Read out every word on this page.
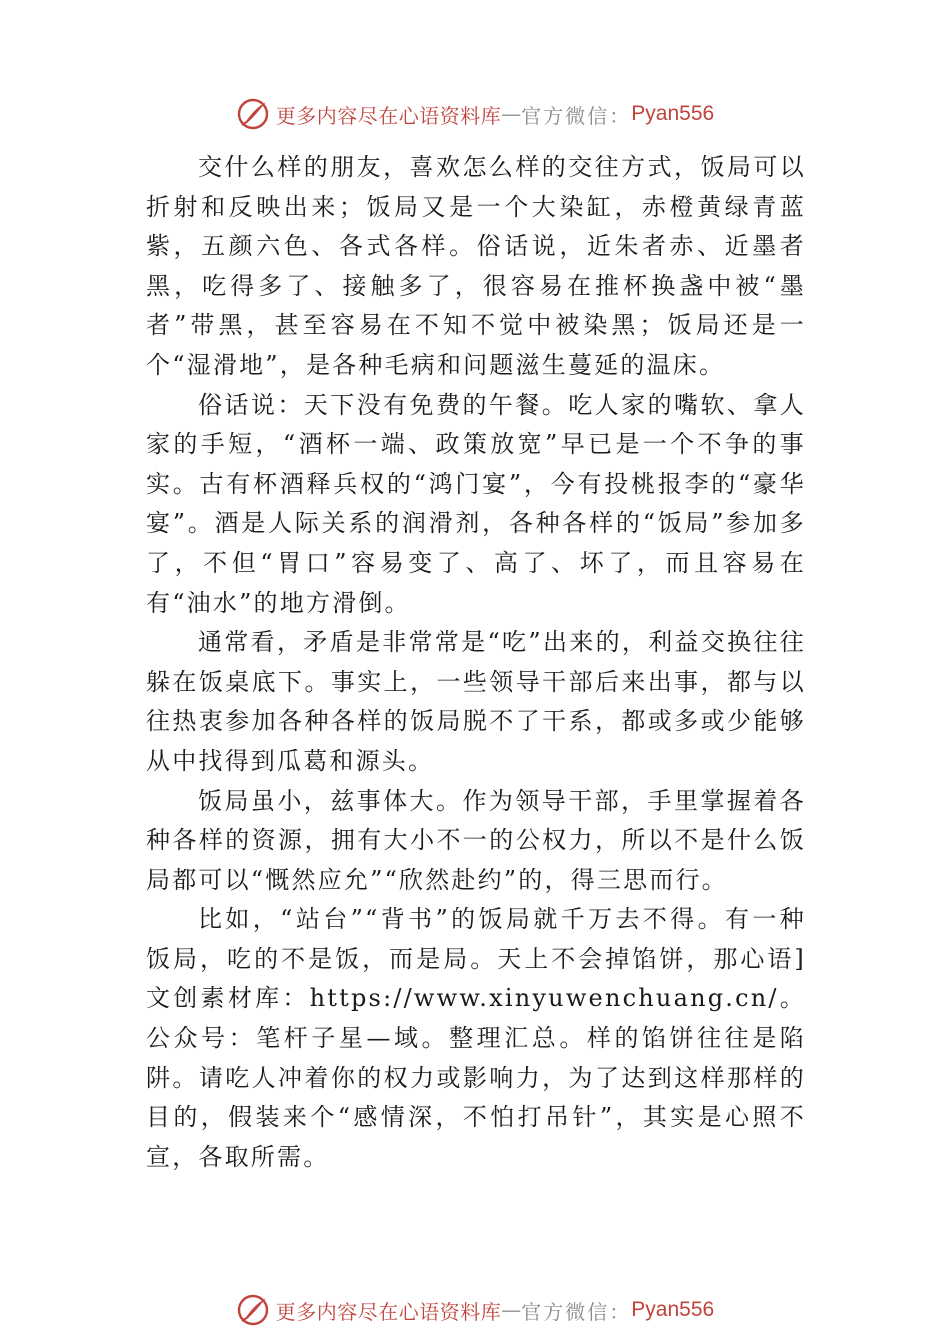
更多内容尽在心语资料库 — 官方微信： Pyan556

交什么样的朋友，喜欢怎么样的交往方式，饭局可以折射和反映出来；饭局又是一个大染缸，赤橙黄绿青蓝紫，五颜六色、各式各样。俗话说，近朱者赤、近墨者黑，吃得多了、接触多了，很容易在推杯换盏中被“墨者”带黑，甚至容易在不知不觉中被染黑；饭局还是一个“湿滑地”，是各种毛病和问题滋生蔓延的温床。

俗话说：天下没有免费的午餐。吃人家的嘴软、拿人家的手短，“酒杯一端、政策放宽”早已是一个不争的事实。古有杯酒释兵权的“鸿门宴”，今有投桃报李的“豪华宴”。酒是人际关系的润滑剂，各种各样的“饭局”参加多了，不但“胃口”容易变了、高了、坏了，而且容易在有“油水”的地方滑倒。

通常看，矛盾是非常常是“吃”出来的，利益交换往往躲在饭桌底下。事实上，一些领导干部后来出事，都与以往热衷参加各种各样的饭局脱不了干系，都或多或少能够从中找得到瓜葛和源头。

饭局虽小，兹事体大。作为领导干部，手里掌握着各种各样的资源，拥有大小不一的公权力，所以不是什么饭局都可以“慨然应允”“欣然赴约”的，得三思而行。

比如，“站台”“背书”的饭局就千万去不得。有一种饭局，吃的不是饭，而是局。天上不会掉馅饼，那心语]文创素材库：https://www.xinyuwenchuang.cn/。公众号：笔杆子星—域。整理汇总。样的馅饼往往是陷阱。请吃人冲着你的权力或影响力，为了达到这样那样的目的，假装来个“感情深，不怕打吊针”，其实是心照不宣，各取所需。

更多内容尽在心语资料库 — 官方微信： Pyan556
